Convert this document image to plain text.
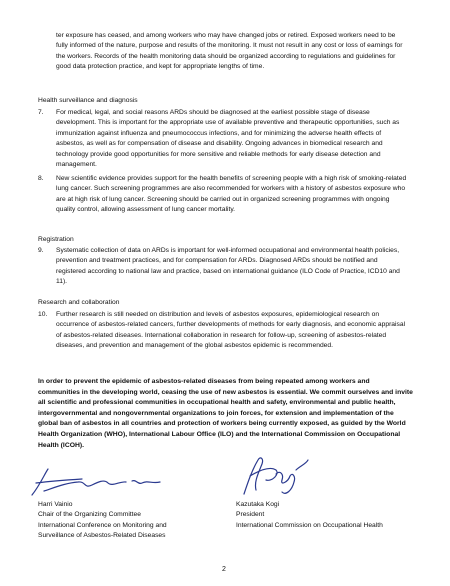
ter exposure has ceased, and among workers who may have changed jobs or retired. Exposed workers need to be fully informed of the nature, purpose and results of the monitoring. It must not result in any cost or loss of earnings for the workers. Records of the health monitoring data should be organized according to regulations and guidelines for good data protection practice, and kept for appropriate lengths of time.

Health surveillance and diagnosis
7. For medical, legal, and social reasons ARDs should be diagnosed at the earliest possible stage of disease development. This is important for the appropriate use of available preventive and therapeutic opportunities, such as immunization against influenza and pneumococcus infections, and for minimizing the adverse health effects of asbestos, as well as for compensation of disease and disability. Ongoing advances in biomedical research and technology provide good opportunities for more sensitive and reliable methods for early disease detection and management.
8. New scientific evidence provides support for the health benefits of screening people with a high risk of smoking-related lung cancer. Such screening programmes are also recommended for workers with a history of asbestos exposure who are at high risk of lung cancer. Screening should be carried out in organized screening programmes with ongoing quality control, allowing assessment of lung cancer mortality.
Registration
9. Systematic collection of data on ARDs is important for well-informed occupational and environmental health policies, prevention and treatment practices, and for compensation for ARDs. Diagnosed ARDs should be notified and registered according to national law and practice, based on international guidance (ILO Code of Practice, ICD10 and 11).
Research and collaboration
10. Further research is still needed on distribution and levels of asbestos exposures, epidemiological research on occurrence of asbestos-related cancers, further developments of methods for early diagnosis, and economic appraisal of asbestos-related diseases. International collaboration in research for follow-up, screening of asbestos-related diseases, and prevention and management of the global asbestos epidemic is recommended.

In order to prevent the epidemic of asbestos-related diseases from being repeated among workers and communities in the developing world, ceasing the use of new asbestos is essential. We commit ourselves and invite all scientific and professional communities in occupational health and safety, environmental and public health, intergovernmental and nongovernmental organizations to join forces, for extension and implementation of the global ban of asbestos in all countries and protection of workers being currently exposed, as guided by the World Health Organization (WHO), International Labour Office (ILO) and the International Commission on Occupational Health (ICOH).

Harri Vainio
Chair of the Organizing Committee
International Conference on Monitoring and
Surveillance of Asbestos-Related Diseases
Kazutaka Kogi
President
International Commission on Occupational Health
2
